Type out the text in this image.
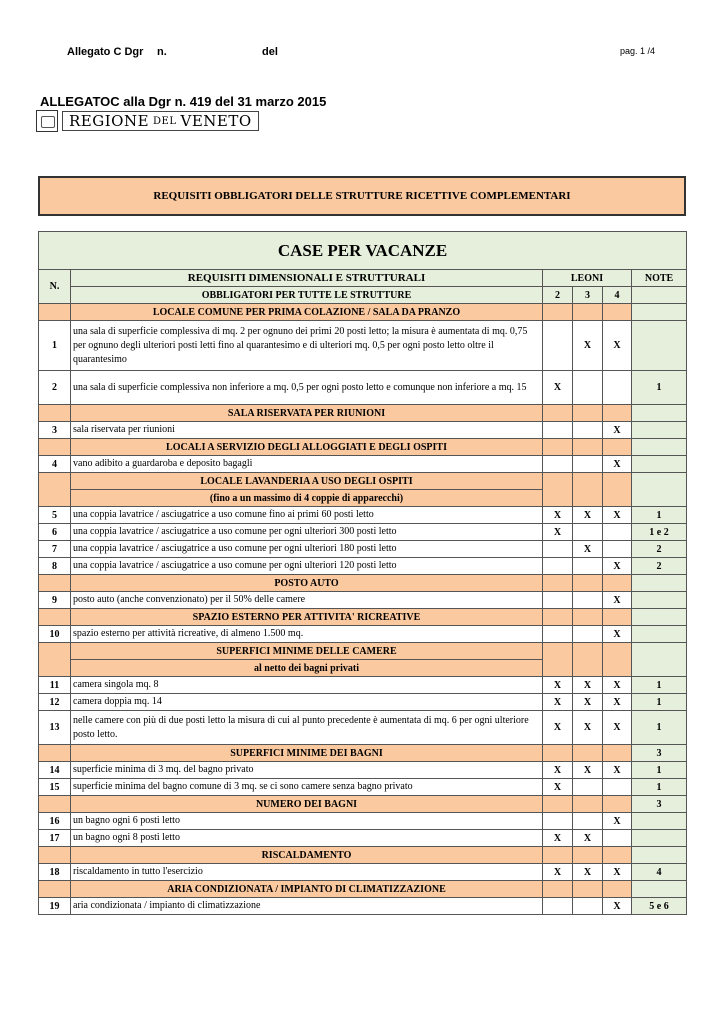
Allegato C Dgr n.	del	pag. 1 /4
ALLEGATOC alla Dgr n. 419 del 31 marzo 2015
REGIONE DEL VENETO
REQUISITI OBBLIGATORI DELLE STRUTTURE RICETTIVE COMPLEMENTARI
CASE PER VACANZE					
N.	REQUISITI DIMENSIONALI E STRUTTURALI	LEONI			NOTE
	OBBLIGATORI PER TUTTE LE STRUTTURE	2	3	4	
	LOCALE COMUNE PER PRIMA COLAZIONE / SALA DA PRANZO				
1	una sala di superficie complessiva di mq. 2 per ognuno dei primi 20 posti letto; la misura è aumentata di mq. 0,75 per ognuno degli ulteriori posti letti fino al quarantesimo e di ulteriori mq. 0,5 per ogni posto letto oltre il quarantesimo		X	X	
2	una sala di superficie complessiva non inferiore a mq. 0,5 per ogni posto letto e comunque non inferiore a mq. 15	X			1
	SALA RISERVATA PER RIUNIONI				
3	sala riservata per riunioni			X	
	LOCALI A SERVIZIO DEGLI ALLOGGIATI E DEGLI OSPITI				
4	vano adibito a guardaroba e deposito bagagli			X	
	LOCALE LAVANDERIA A USO DEGLI OSPITI				
	(fino a un massimo di 4 coppie di apparecchi)				
5	una coppia lavatrice / asciugatrice a uso comune fino ai primi 60 posti letto	X	X	X	1
6	una coppia lavatrice / asciugatrice a uso comune per ogni ulteriori 300 posti letto	X			1 e 2
7	una coppia lavatrice / asciugatrice a uso comune per ogni ulteriori 180 posti letto		X		2
8	una coppia lavatrice / asciugatrice a uso comune per ogni ulteriori 120 posti letto			X	2
	POSTO AUTO				
9	posto auto (anche convenzionato) per il 50% delle camere			X	
	SPAZIO ESTERNO PER ATTIVITA' RICREATIVE				
10	spazio esterno per attività ricreative, di almeno 1.500 mq.			X	
	SUPERFICI MINIME DELLE CAMERE				
	al netto dei bagni privati				
11	camera singola mq. 8	X	X	X	1
12	camera doppia mq. 14	X	X	X	1
13	nelle camere con più di due posti letto la misura di cui al punto precedente è aumentata di mq. 6 per ogni ulteriore posto letto.	X	X	X	1
	SUPERFICI MINIME DEI BAGNI				3
14	superficie minima di 3 mq. del bagno privato	X	X	X	1
15	superficie minima del bagno comune di 3 mq. se ci sono camere senza bagno privato	X			1
	NUMERO DEI BAGNI				3
16	un bagno ogni 6 posti letto			X	
17	un bagno ogni 8 posti letto	X	X		
	RISCALDAMENTO				
18	riscaldamento in tutto l'esercizio	X	X	X	4
	ARIA CONDIZIONATA / IMPIANTO DI CLIMATIZZAZIONE				
19	aria condizionata / impianto di climatizzazione			X	5 e 6
